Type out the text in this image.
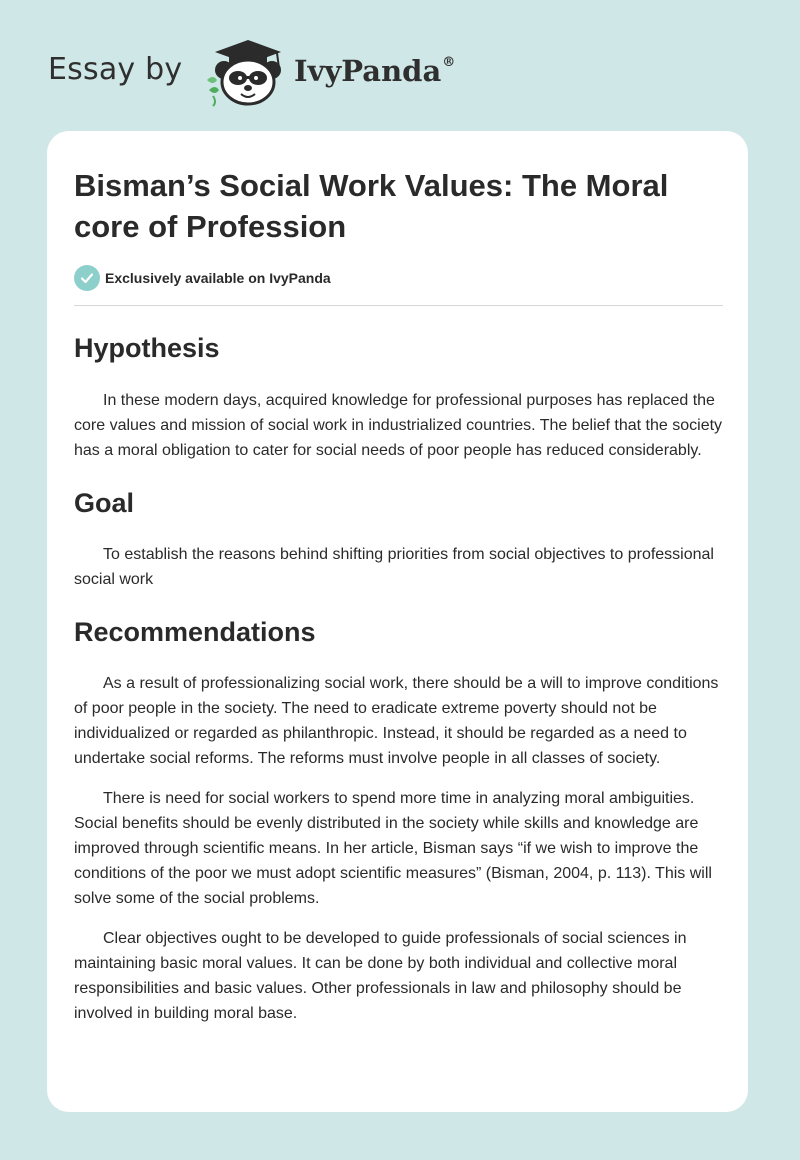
Essay by	IvyPanda®
Bisman’s Social Work Values: The Moral core of Profession
Exclusively available on IvyPanda
Hypothesis

In these modern days, acquired knowledge for professional purposes has replaced the core values and mission of social work in industrialized countries. The belief that the society has a moral obligation to cater for social needs of poor people has reduced considerably.

Goal

To establish the reasons behind shifting priorities from social objectives to professional social work

Recommendations

As a result of professionalizing social work, there should be a will to improve conditions of poor people in the society. The need to eradicate extreme poverty should not be individualized or regarded as philanthropic. Instead, it should be regarded as a need to undertake social reforms. The reforms must involve people in all classes of society.

There is need for social workers to spend more time in analyzing moral ambiguities. Social benefits should be evenly distributed in the society while skills and knowledge are improved through scientific means. In her article, Bisman says “if we wish to improve the conditions of the poor we must adopt scientific measures” (Bisman, 2004, p. 113). This will solve some of the social problems.

Clear objectives ought to be developed to guide professionals of social sciences in maintaining basic moral values. It can be done by both individual and collective moral responsibilities and basic values. Other professionals in law and philosophy should be involved in building moral base.
